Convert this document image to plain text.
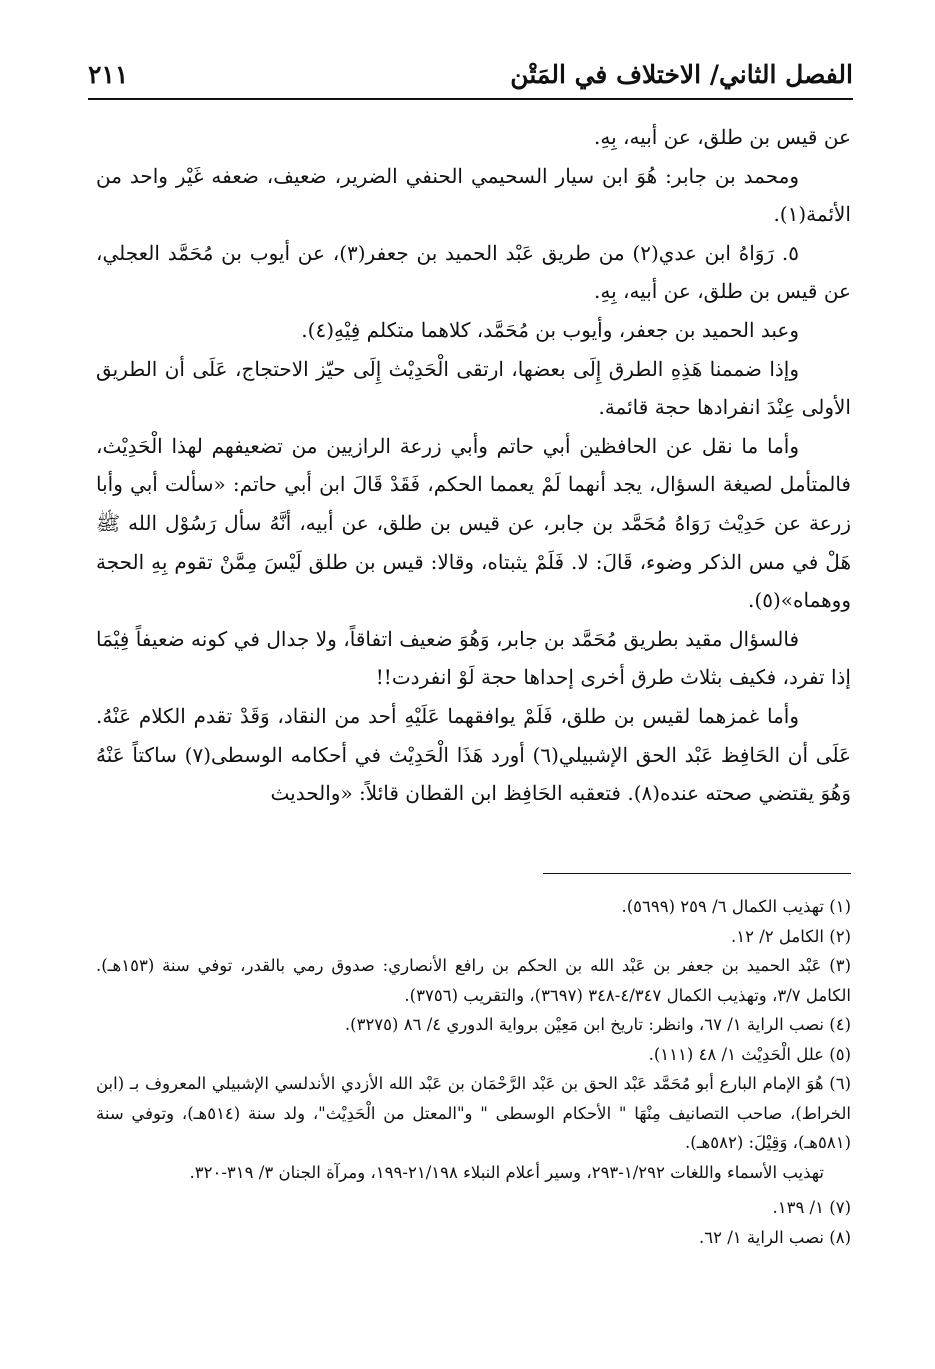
الفصل الثاني/ الاختلاف في المَتْن
٢١١

عن قيس بن طلق، عن أبيه، بِهِ.

ومحمد بن جابر: هُوَ ابن سيار السحيمي الحنفي الضرير، ضعيف، ضعفه غَيْر واحد من الأئمة(١).

٥. رَوَاهُ ابن عدي(٢) من طريق عَبْد الحميد بن جعفر(٣)، عن أيوب بن مُحَمَّد العجلي، عن قيس بن طلق، عن أبيه، بِهِ.

وعبد الحميد بن جعفر، وأيوب بن مُحَمَّد، كلاهما متكلم فِيْهِ(٤).

وإذا ضممنا هَذِهِ الطرق إِلَى بعضها، ارتقى الْحَدِيْث إِلَى حيّز الاحتجاج، عَلَى أن الطريق الأولى عِنْدَ انفرادها حجة قائمة.

وأما ما نقل عن الحافظين أبي حاتم وأبي زرعة الرازيين من تضعيفهم لهذا الْحَدِيْث، فالمتأمل لصيغة السؤال، يجد أنهما لَمْ يعمما الحكم، فَقَدْ قَالَ ابن أبي حاتم: «سألت أبي وأبا زرعة عن حَدِيْث رَوَاهُ مُحَمَّد بن جابر، عن قيس بن طلق، عن أبيه، أنَّهُ سأل رَسُوْل الله ﷺ هَلْ في مس الذكر وضوء، قَالَ: لا. فَلَمْ يثبتاه، وقالا: قيس بن طلق لَيْسَ مِمَّنْ تقوم بِهِ الحجة ووهماه»(٥).

فالسؤال مقيد بطريق مُحَمَّد بن جابر، وَهُوَ ضعيف اتفاقاً، ولا جدال في كونه ضعيفاً فِيْمَا إذا تفرد، فكيف بثلاث طرق أخرى إحداها حجة لَوْ انفردت!!

وأما غمزهما لقيس بن طلق، فَلَمْ يوافقهما عَلَيْهِ أحد من النقاد، وَقَدْ تقدم الكلام عَنْهُ. عَلَى أن الحَافِظ عَبْد الحق الإشبيلي(٦) أورد هَذَا الْحَدِيْث في أحكامه الوسطى(٧) ساكتاً عَنْهُ وَهُوَ يقتضي صحته عنده(٨). فتعقبه الحَافِظ ابن القطان قائلاً: «والحديث

(١) تهذيب الكمال ٦/ ٢٥٩ (٥٦٩٩).

(٢) الكامل ٢/ ١٢.

(٣) عَبْد الحميد بن جعفر بن عَبْد الله بن الحكم بن رافع الأنصاري: صدوق رمي بالقدر، توفي سنة (١٥٣هـ). الكامل ٣/٧، وتهذيب الكمال ٤/٣٤٧-٣٤٨ (٣٦٩٧)، والتقريب (٣٧٥٦).

(٤) نصب الراية ١/ ٦٧، وانظر: تاريخ ابن مَعِيْن برواية الدوري ٤/ ٨٦ (٣٢٧٥).

(٥) علل الْحَدِيْث ١/ ٤٨ (١١١).

(٦) هُوَ الإمام البارع أبو مُحَمَّد عَبْد الحق بن عَبْد الرَّحْمَان بن عَبْد الله الأزدي الأندلسي الإشبيلي المعروف بـ (ابن الخراط)، صاحب التصانيف مِنْهَا " الأحكام الوسطى " و"المعتل من الْحَدِيْث"، ولد سنة (٥١٤هـ)، وتوفي سنة (٥٨١هـ)، وَقِيْلَ: (٥٨٢هـ).

تهذيب الأسماء واللغات ١/٢٩٢-٢٩٣، وسير أعلام النبلاء ٢١/١٩٨-١٩٩، ومرآة الجنان ٣/ ٣١٩-٣٢٠.

(٧) ١/ ١٣٩.

(٨) نصب الراية ١/ ٦٢.
